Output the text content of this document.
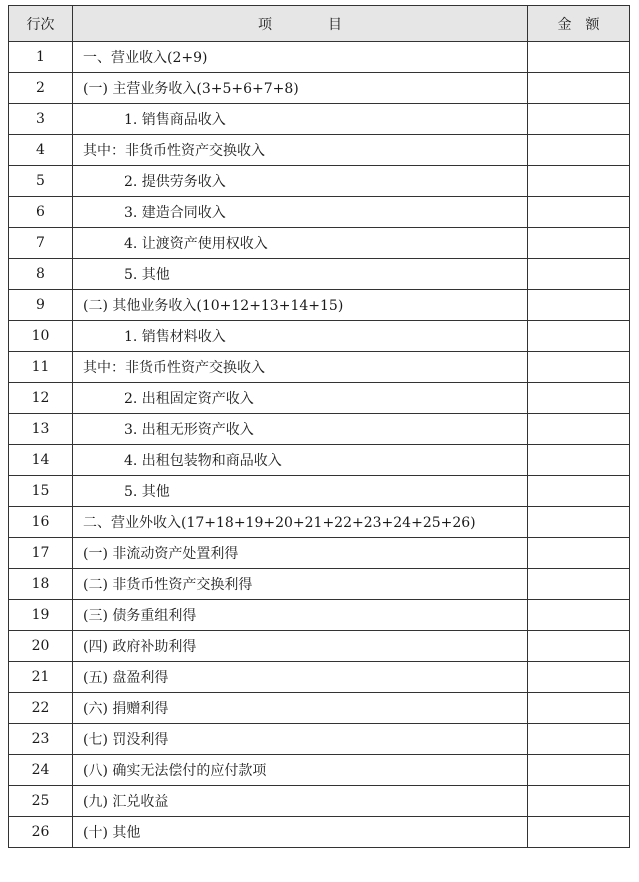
行次	项　　　　目	金　额
1	一、营业收入(2+9)	
2	(一) 主营业务收入(3+5+6+7+8)	
3	1. 销售商品收入	
4	其中：非货币性资产交换收入	
5	2. 提供劳务收入	
6	3. 建造合同收入	
7	4. 让渡资产使用权收入	
8	5. 其他	
9	(二) 其他业务收入(10+12+13+14+15)	
10	1. 销售材料收入	
11	其中：非货币性资产交换收入	
12	2. 出租固定资产收入	
13	3. 出租无形资产收入	
14	4. 出租包装物和商品收入	
15	5. 其他	
16	二、营业外收入(17+18+19+20+21+22+23+24+25+26)	
17	(一) 非流动资产处置利得	
18	(二) 非货币性资产交换利得	
19	(三) 债务重组利得	
20	(四) 政府补助利得	
21	(五) 盘盈利得	
22	(六) 捐赠利得	
23	(七) 罚没利得	
24	(八) 确实无法偿付的应付款项	
25	(九) 汇兑收益	
26	(十) 其他	
